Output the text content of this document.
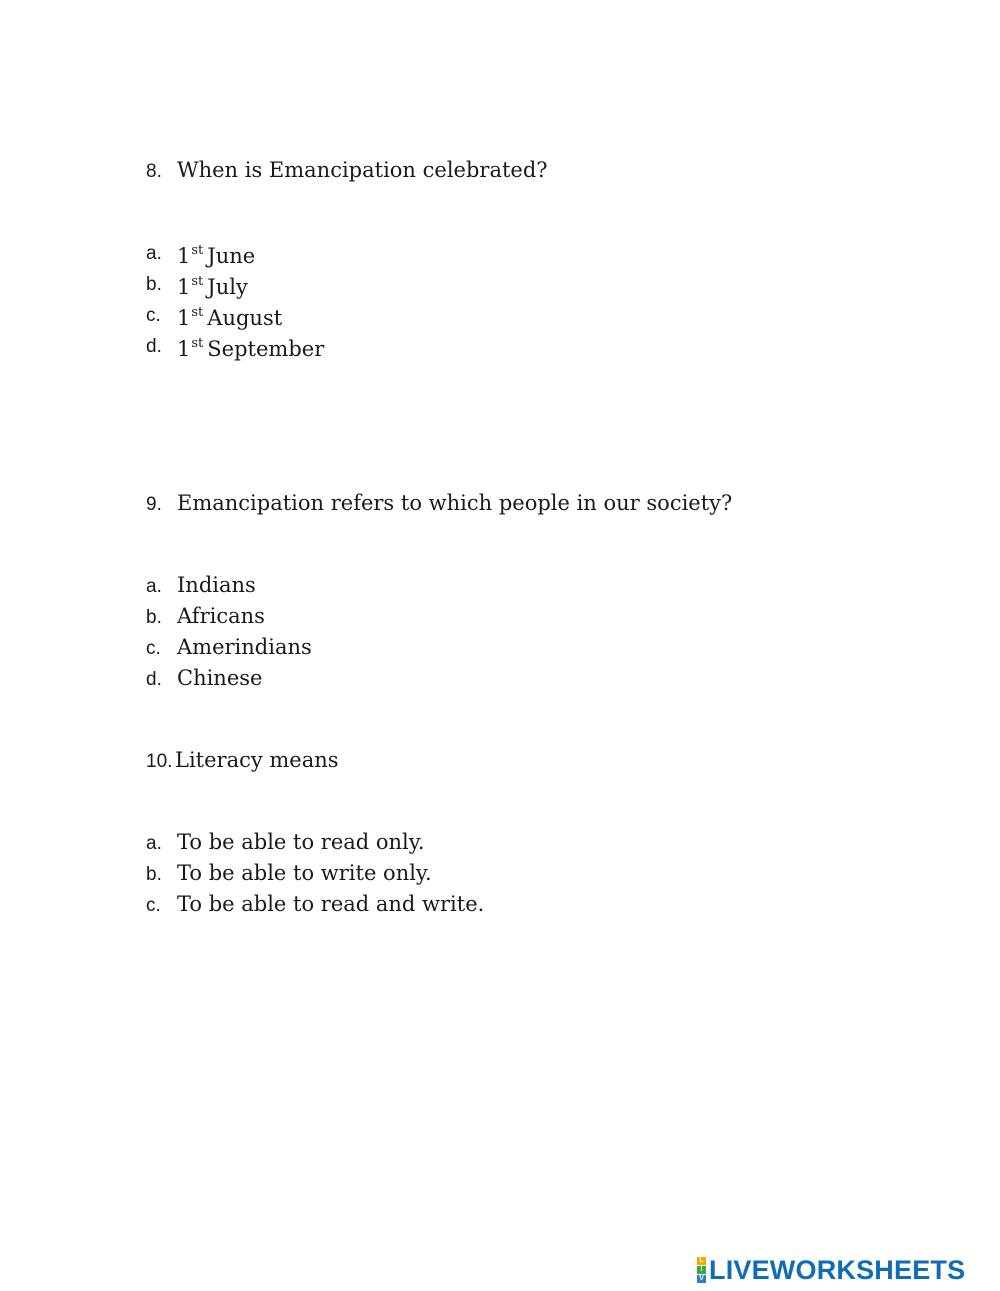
8. When is Emancipation celebrated?
a. 1st June
b. 1st July
c. 1st August
d. 1st September
9. Emancipation refers to which people in our society?
a. Indians
b. Africans
c. Amerindians
d. Chinese
10. Literacy means
a. To be able to read only.
b. To be able to write only.
c. To be able to read and write.
L
I
V LIVEWORKSHEETS
